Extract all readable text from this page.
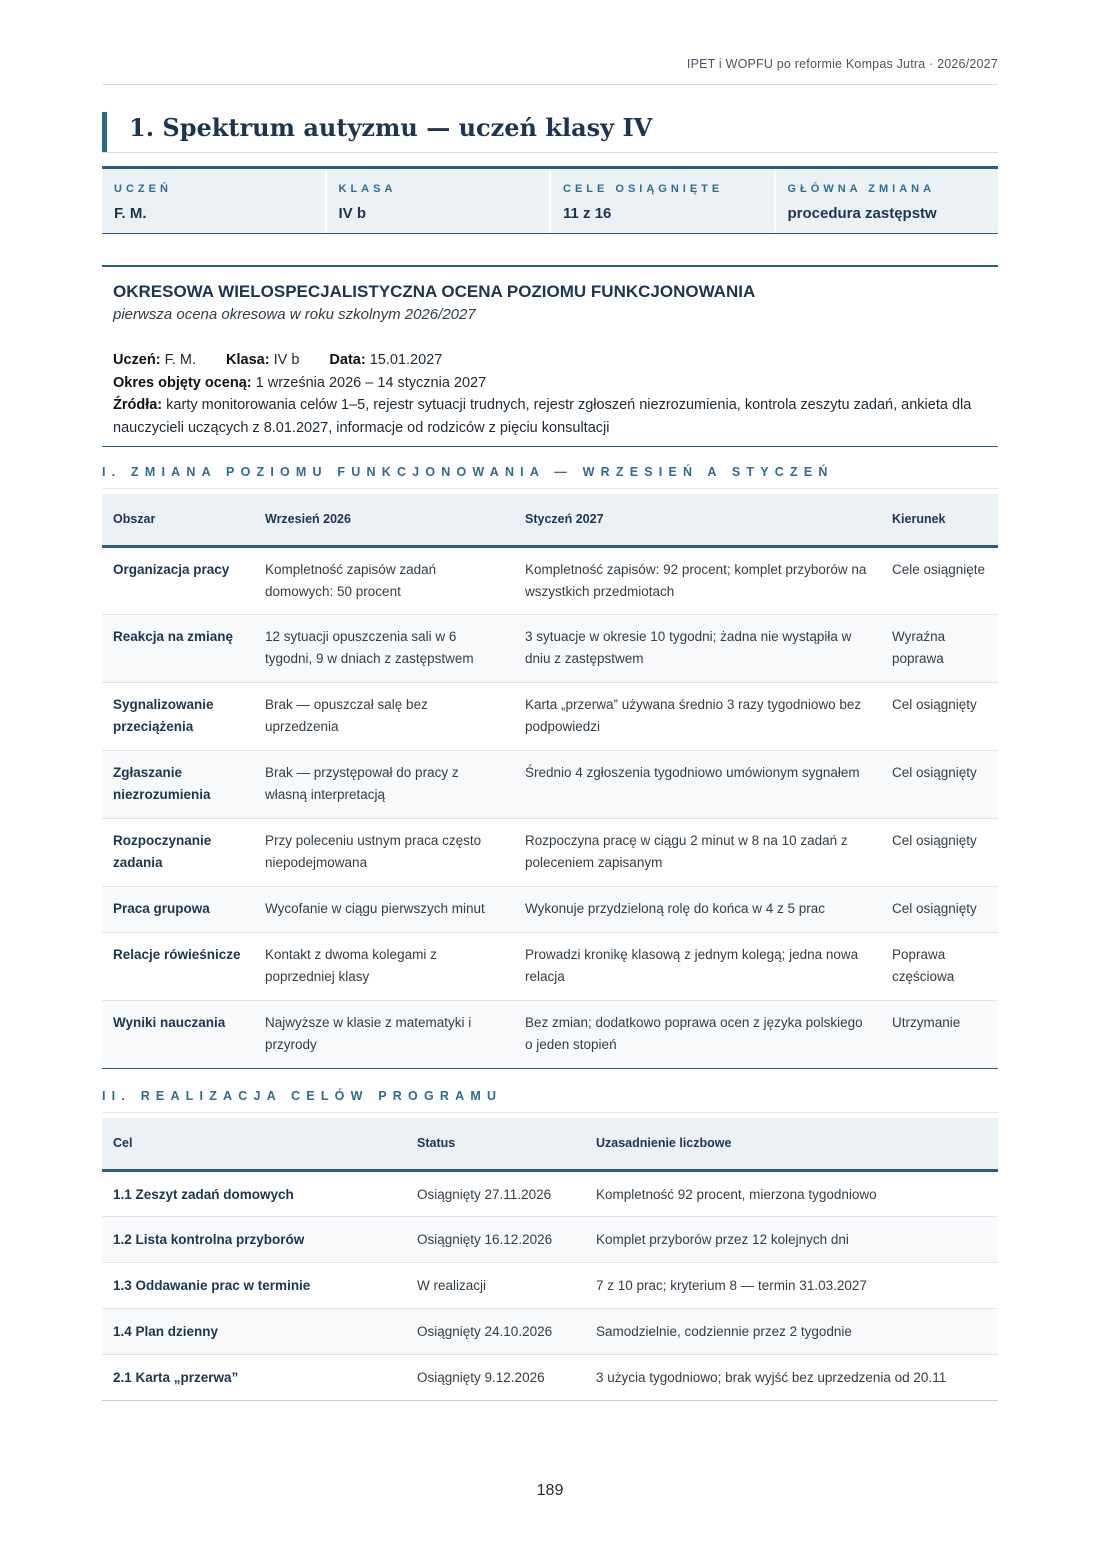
IPET i WOPFU po reformie Kompas Jutra · 2026/2027
1. Spektrum autyzmu — uczeń klasy IV
UCZEŃ
F. M.
KLASA
IV b
CELE OSIĄGNIĘTE
11 z 16
GŁÓWNA ZMIANA
procedura zastępstw
OKRESOWA WIELOSPECJALISTYCZNA OCENA POZIOMU FUNKCJONOWANIA
pierwsza ocena okresowa w roku szkolnym 2026/2027
Uczeń: F. M. Klasa: IV b Data: 15.01.2027
Okres objęty oceną: 1 września 2026 – 14 stycznia 2027
Źródła: karty monitorowania celów 1–5, rejestr sytuacji trudnych, rejestr zgłoszeń niezrozumienia, kontrola zeszytu zadań, ankieta dla nauczycieli uczących z 8.01.2027, informacje od rodziców z pięciu konsultacji
I. ZMIANA POZIOMU FUNKCJONOWANIA — WRZESIEŃ A STYCZEŃ
Obszar	Wrzesień 2026	Styczeń 2027	Kierunek
Organizacja pracy	Kompletność zapisów zadań domowych: 50 procent	Kompletność zapisów: 92 procent; komplet przyborów na wszystkich przedmiotach	Cele osiągnięte
Reakcja na zmianę	12 sytuacji opuszczenia sali w 6 tygodni, 9 w dniach z zastępstwem	3 sytuacje w okresie 10 tygodni; żadna nie wystąpiła w dniu z zastępstwem	Wyraźna poprawa
Sygnalizowanie przeciążenia	Brak — opuszczał salę bez uprzedzenia	Karta „przerwa” używana średnio 3 razy tygodniowo bez podpowiedzi	Cel osiągnięty
Zgłaszanie niezrozumienia	Brak — przystępował do pracy z własną interpretacją	Średnio 4 zgłoszenia tygodniowo umówionym sygnałem	Cel osiągnięty
Rozpoczynanie zadania	Przy poleceniu ustnym praca często niepodejmowana	Rozpoczyna pracę w ciągu 2 minut w 8 na 10 zadań z poleceniem zapisanym	Cel osiągnięty
Praca grupowa	Wycofanie w ciągu pierwszych minut	Wykonuje przydzieloną rolę do końca w 4 z 5 prac	Cel osiągnięty
Relacje rówieśnicze	Kontakt z dwoma kolegami z poprzedniej klasy	Prowadzi kronikę klasową z jednym kolegą; jedna nowa relacja	Poprawa częściowa
Wyniki nauczania	Najwyższe w klasie z matematyki i przyrody	Bez zmian; dodatkowo poprawa ocen z języka polskiego o jeden stopień	Utrzymanie
II. REALIZACJA CELÓW PROGRAMU
Cel	Status	Uzasadnienie liczbowe
1.1 Zeszyt zadań domowych	Osiągnięty 27.11.2026	Kompletność 92 procent, mierzona tygodniowo
1.2 Lista kontrolna przyborów	Osiągnięty 16.12.2026	Komplet przyborów przez 12 kolejnych dni
1.3 Oddawanie prac w terminie	W realizacji	7 z 10 prac; kryterium 8 — termin 31.03.2027
1.4 Plan dzienny	Osiągnięty 24.10.2026	Samodzielnie, codziennie przez 2 tygodnie
2.1 Karta „przerwa”	Osiągnięty 9.12.2026	3 użycia tygodniowo; brak wyjść bez uprzedzenia od 20.11
189
